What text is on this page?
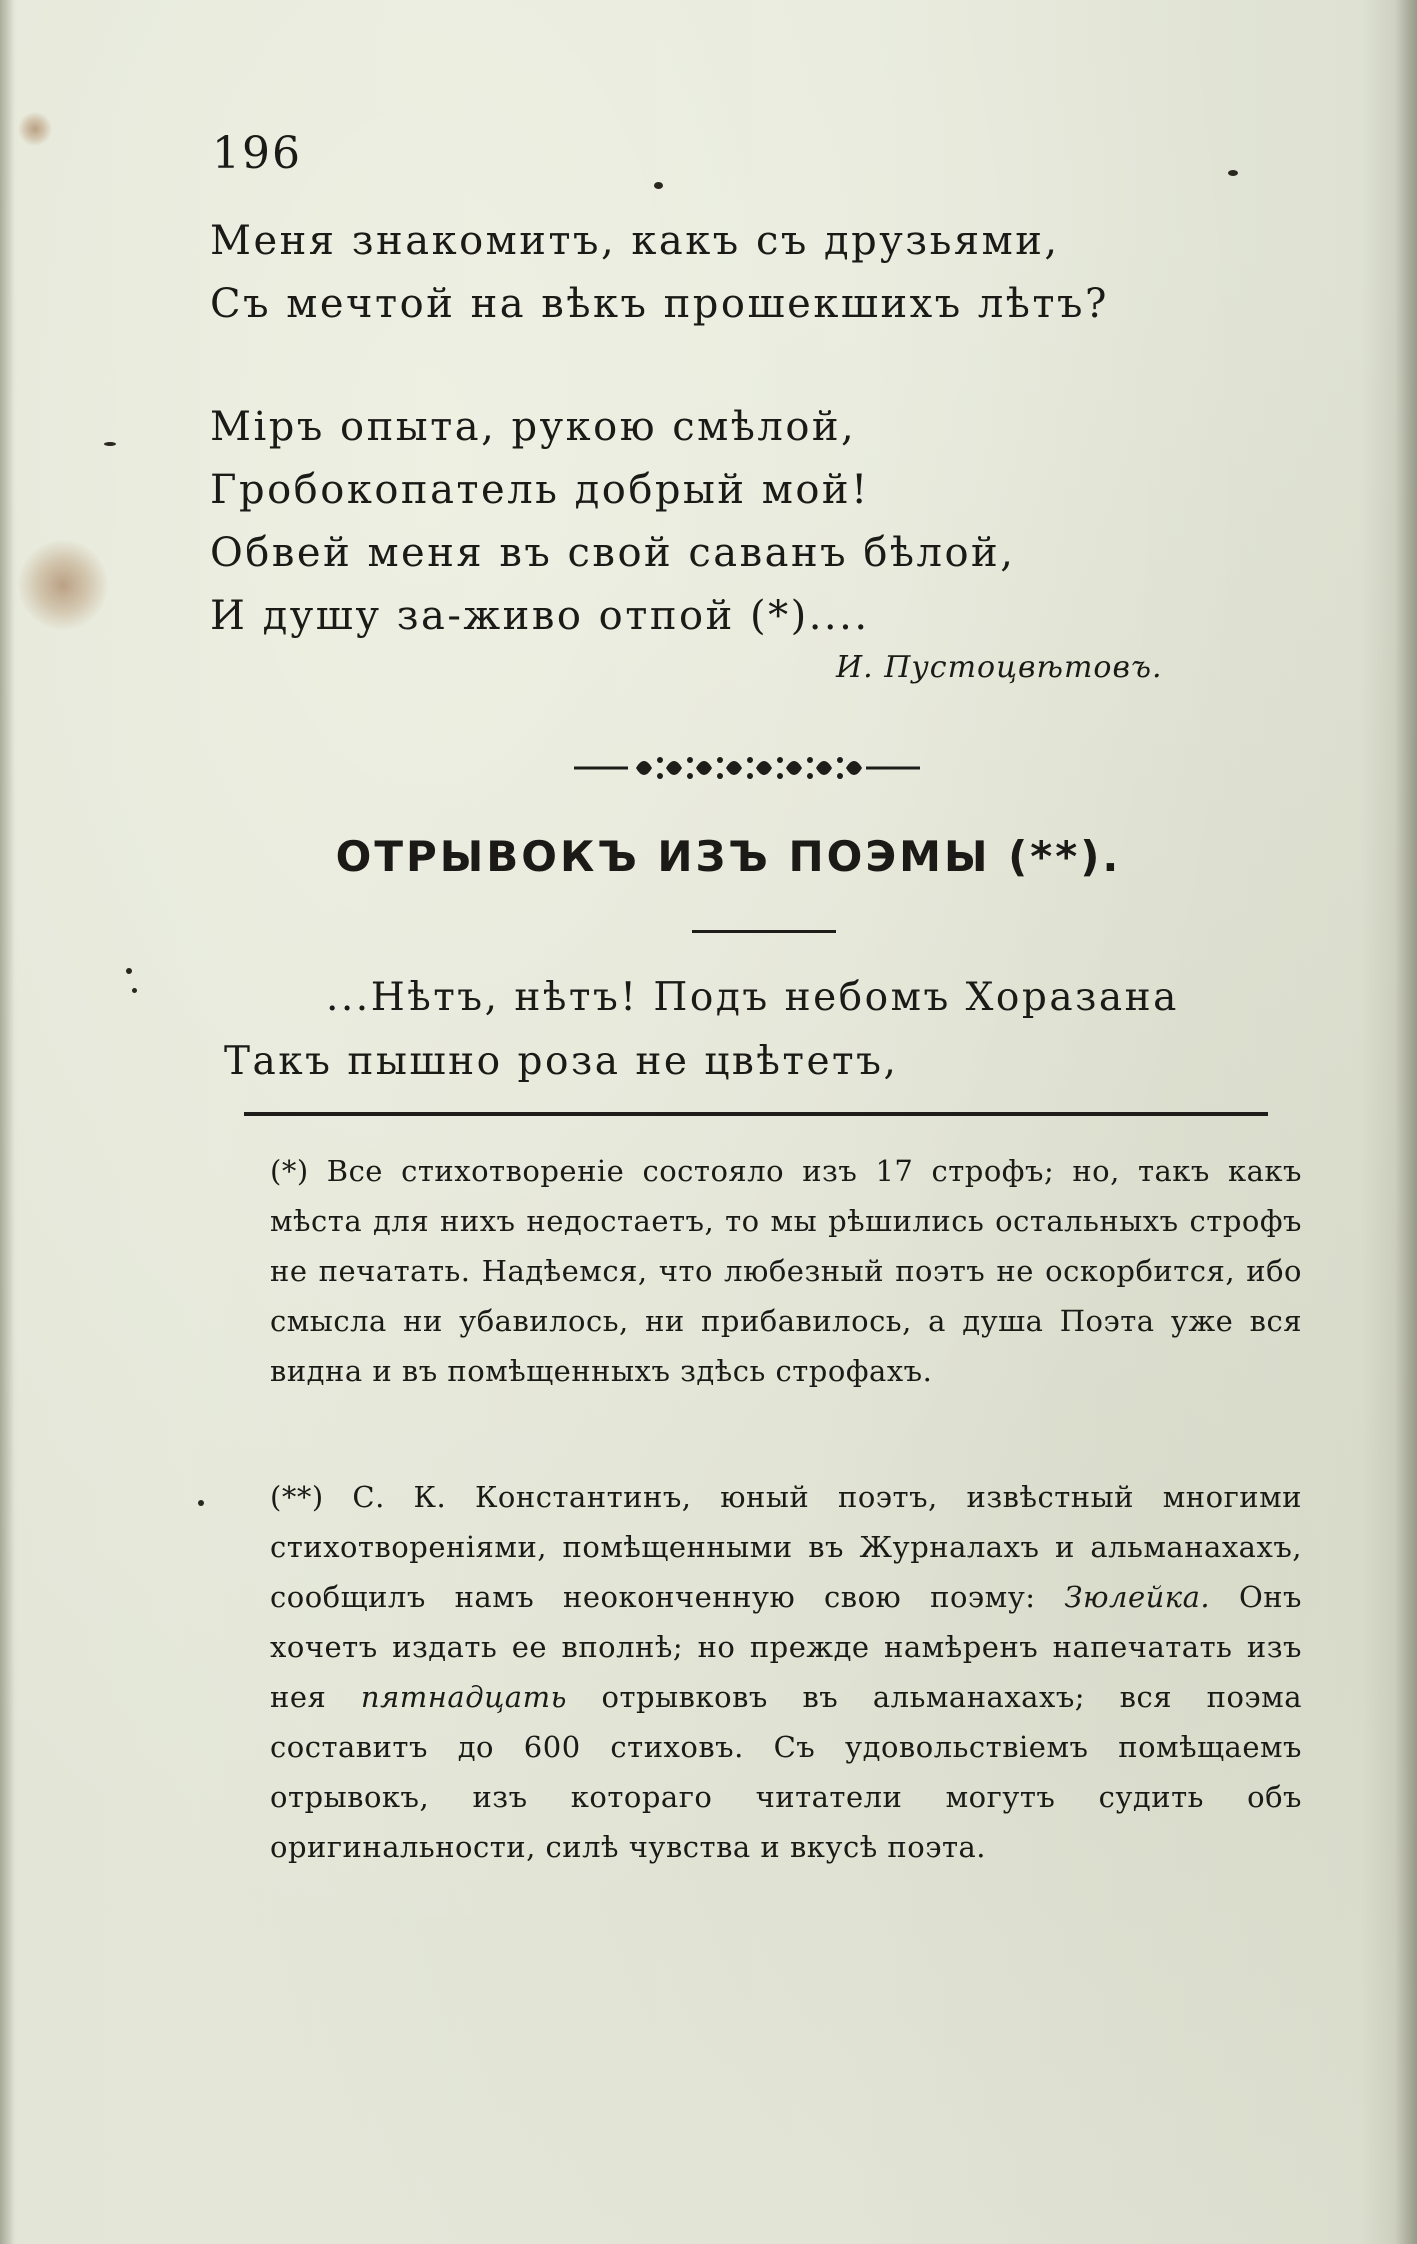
196
Меня знакомитъ, какъ съ друзьями,
Съ мечтой на вѣкъ прошекшихъ лѣтъ?
Міръ опыта, рукою смѣлой,
Гробокопатель добрый мой!
Обвей меня въ свой саванъ бѣлой,
И душу за-живо отпой (*)....
И. Пустоцвѣтовъ.
ОТРЫВОКЪ ИЗЪ ПОЭМЫ (**).
...Нѣтъ, нѣтъ! Подъ небомъ Хоразана
Такъ пышно роза не цвѣтетъ,
(*) Все стихотвореніе состояло изъ 17 строфъ; но, такъ какъ мѣста для нихъ недостаетъ, то мы рѣшились остальныхъ строфъ не печатать. Надѣемся, что любезный поэтъ не оскорбится, ибо смысла ни убавилось, ни прибавилось, а душа Поэта уже вся видна и въ помѣщенныхъ здѣсь строфахъ.
(**) С. К. Константинъ, юный поэтъ, извѣстный многими стихотвореніями, помѣщенными въ Журналахъ и альманахахъ, сообщилъ намъ неоконченную свою поэму: Зюлейка. Онъ хочетъ издать ее вполнѣ; но прежде намѣренъ напечатать изъ нея пятнадцать отрывковъ въ альманахахъ; вся поэма составитъ до 600 стиховъ. Съ удовольствіемъ помѣщаемъ отрывокъ, изъ котораго читатели могутъ судить объ оригинальности, силѣ чувства и вкусѣ поэта.
